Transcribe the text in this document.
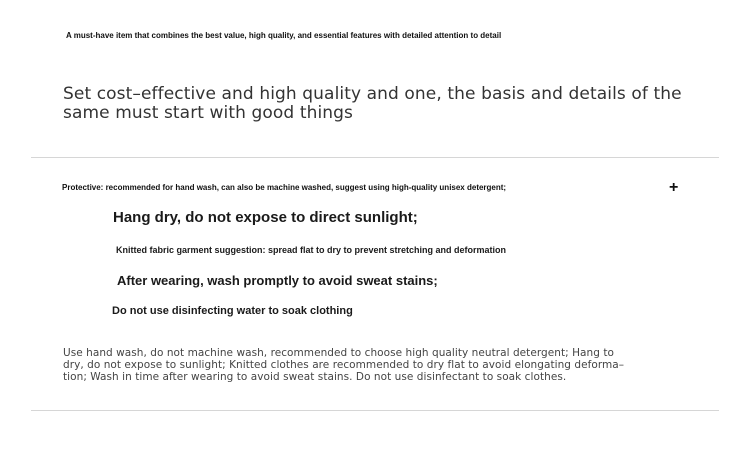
A must-have item that combines the best value, high quality, and essential features with detailed attention to detail

Set cost–effective and high quality and one, the basis and details of the

same must start with good things

Protective: recommended for hand wash, can also be machine washed, suggest using high-quality unisex detergent;	+

Hang dry, do not expose to direct sunlight;

Knitted fabric garment suggestion: spread flat to dry to prevent stretching and deformation

After wearing, wash promptly to avoid sweat stains;

Do not use disinfecting water to soak clothing

Use hand wash, do not machine wash, recommended to choose high quality neutral detergent; Hang to

dry, do not expose to sunlight; Knitted clothes are recommended to dry flat to avoid elongating deforma–

tion; Wash in time after wearing to avoid sweat stains. Do not use disinfectant to soak clothes.
